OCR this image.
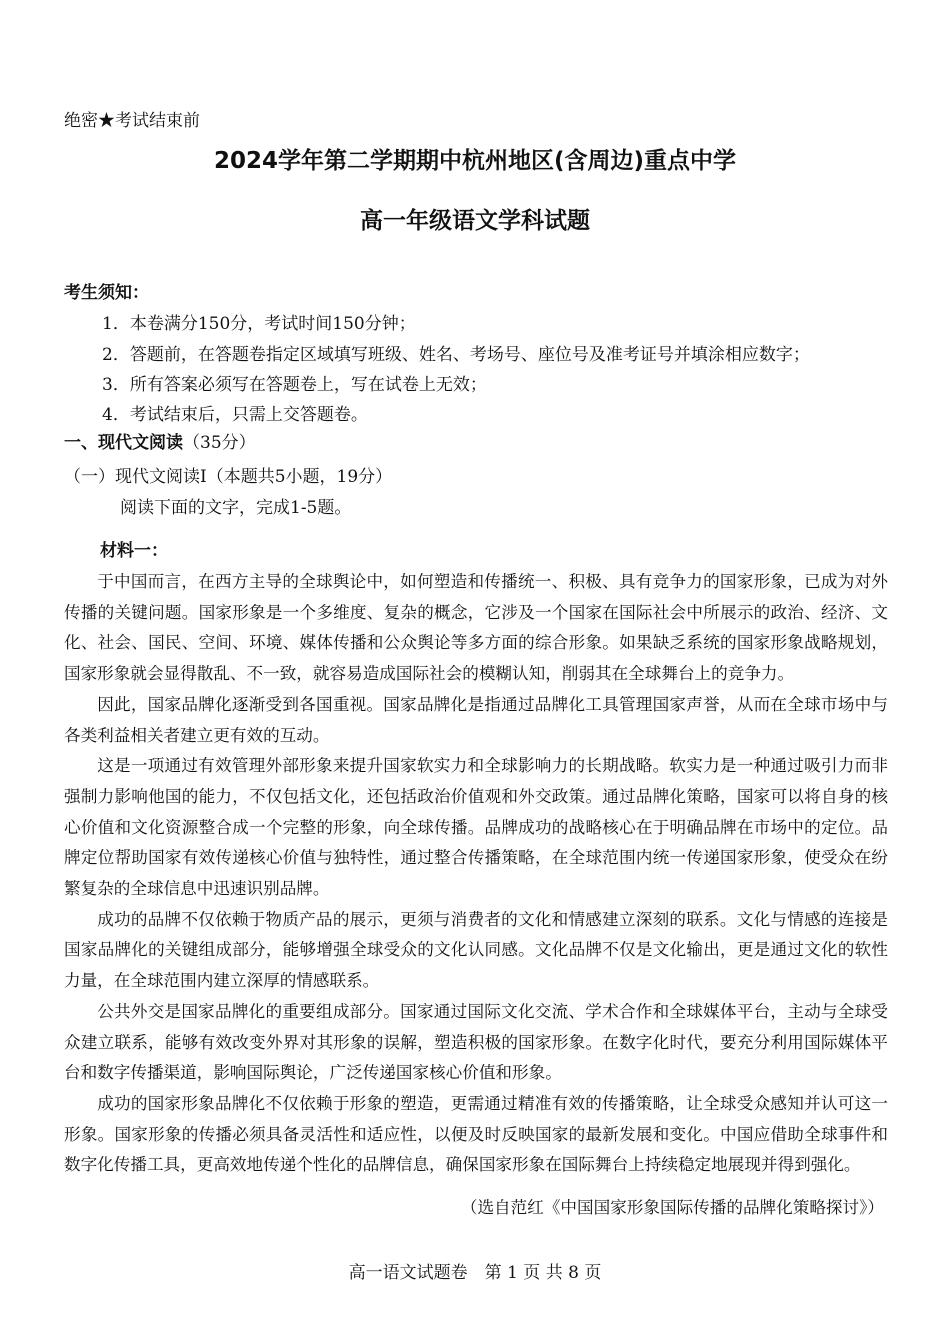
绝密★考试结束前
2024学年第二学期期中杭州地区(含周边)重点中学
高一年级语文学科试题
考生须知：
1．本卷满分150分，考试时间150分钟；
2．答题前，在答题卷指定区域填写班级、姓名、考场号、座位号及准考证号并填涂相应数字；
3．所有答案必须写在答题卷上，写在试卷上无效；
4．考试结束后，只需上交答题卷。
一、现代文阅读（35分）
（一）现代文阅读Ⅰ（本题共5小题，19分）
阅读下面的文字，完成1-5题。
材料一：

于中国而言，在西方主导的全球舆论中，如何塑造和传播统一、积极、具有竞争力的国家形象，已成为对外传播的关键问题。国家形象是一个多维度、复杂的概念，它涉及一个国家在国际社会中所展示的政治、经济、文化、社会、国民、空间、环境、媒体传播和公众舆论等多方面的综合形象。如果缺乏系统的国家形象战略规划，国家形象就会显得散乱、不一致，就容易造成国际社会的模糊认知，削弱其在全球舞台上的竞争力。

因此，国家品牌化逐渐受到各国重视。国家品牌化是指通过品牌化工具管理国家声誉，从而在全球市场中与各类利益相关者建立更有效的互动。

这是一项通过有效管理外部形象来提升国家软实力和全球影响力的长期战略。软实力是一种通过吸引力而非强制力影响他国的能力，不仅包括文化，还包括政治价值观和外交政策。通过品牌化策略，国家可以将自身的核心价值和文化资源整合成一个完整的形象，向全球传播。品牌成功的战略核心在于明确品牌在市场中的定位。品牌定位帮助国家有效传递核心价值与独特性，通过整合传播策略，在全球范围内统一传递国家形象，使受众在纷繁复杂的全球信息中迅速识别品牌。

成功的品牌不仅依赖于物质产品的展示，更须与消费者的文化和情感建立深刻的联系。文化与情感的连接是国家品牌化的关键组成部分，能够增强全球受众的文化认同感。文化品牌不仅是文化输出，更是通过文化的软性力量，在全球范围内建立深厚的情感联系。

公共外交是国家品牌化的重要组成部分。国家通过国际文化交流、学术合作和全球媒体平台，主动与全球受众建立联系，能够有效改变外界对其形象的误解，塑造积极的国家形象。在数字化时代，要充分利用国际媒体平台和数字传播渠道，影响国际舆论，广泛传递国家核心价值和形象。

成功的国家形象品牌化不仅依赖于形象的塑造，更需通过精准有效的传播策略，让全球受众感知并认可这一形象。国家形象的传播必须具备灵活性和适应性，以便及时反映国家的最新发展和变化。中国应借助全球事件和数字化传播工具，更高效地传递个性化的品牌信息，确保国家形象在国际舞台上持续稳定地展现并得到强化。

（选自范红《中国国家形象国际传播的品牌化策略探讨》）
高一语文试题卷　第 1 页 共 8 页
